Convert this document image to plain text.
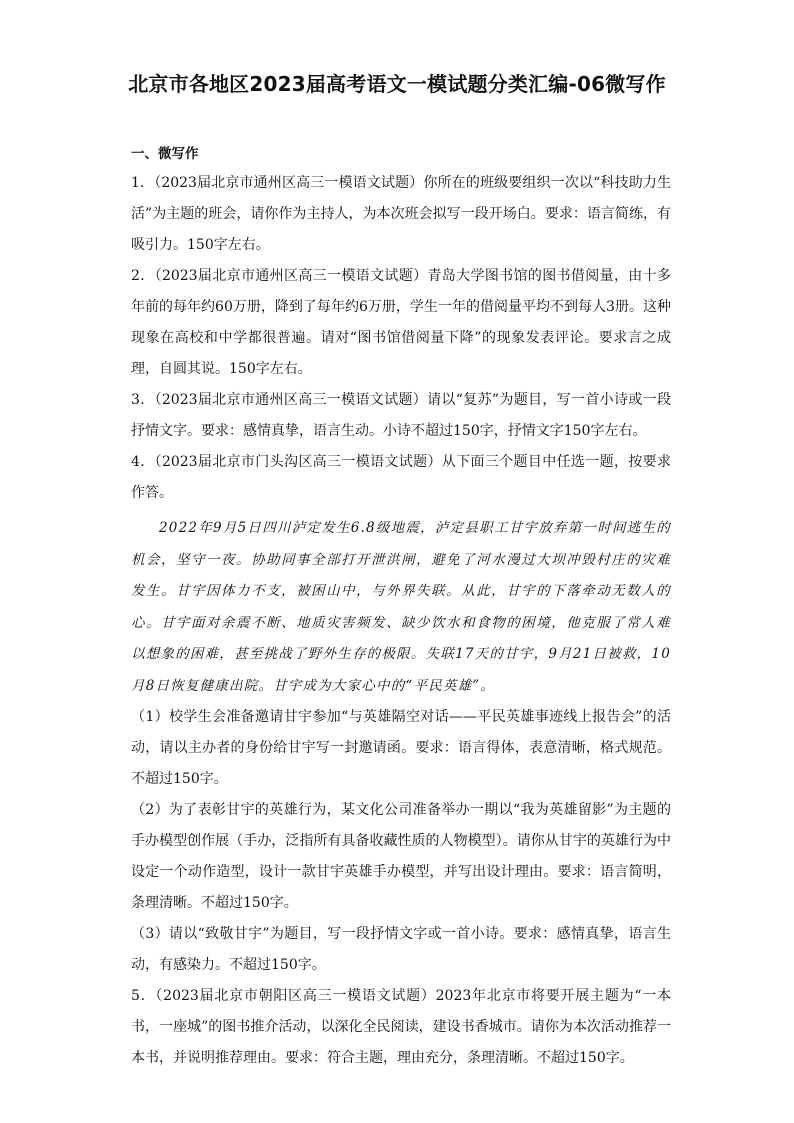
北京市各地区2023届高考语文一模试题分类汇编-06微写作
一、微写作

1．（2023届北京市通州区高三一模语文试题）你所在的班级要组织一次以“科技助力生活”为主题的班会，请你作为主持人，为本次班会拟写一段开场白。要求：语言简练，有吸引力。150字左右。

2．（2023届北京市通州区高三一模语文试题）青岛大学图书馆的图书借阅量，由十多年前的每年约60万册，降到了每年约6万册，学生一年的借阅量平均不到每人3册。这种现象在高校和中学都很普遍。请对“图书馆借阅量下降”的现象发表评论。要求言之成理，自圆其说。150字左右。

3．（2023届北京市通州区高三一模语文试题）请以“复苏”为题目，写一首小诗或一段抒情文字。要求：感情真挚，语言生动。小诗不超过150字，抒情文字150字左右。

4．（2023届北京市门头沟区高三一模语文试题）从下面三个题目中任选一题，按要求作答。

2022年9月5日四川泸定发生6.8级地震，泸定县职工甘宇放弃第一时间逃生的机会，坚守一夜。协助同事全部打开泄洪闸，避免了河水漫过大坝冲毁村庄的灾难发生。甘宇因体力不支，被困山中，与外界失联。从此，甘宇的下落牵动无数人的心。甘宇面对余震不断、地质灾害频发、缺少饮水和食物的困境，他克服了常人难以想象的困难，甚至挑战了野外生存的极限。失联17天的甘宇，9月21日被救，10月8日恢复健康出院。甘宇成为大家心中的“平民英雄”。

（1）校学生会准备邀请甘宇参加“与英雄隔空对话——平民英雄事迹线上报告会”的活动，请以主办者的身份给甘宇写一封邀请函。要求：语言得体，表意清晰，格式规范。不超过150字。

（2）为了表彰甘宇的英雄行为，某文化公司准备举办一期以“我为英雄留影”为主题的手办模型创作展（手办，泛指所有具备收藏性质的人物模型）。请你从甘宇的英雄行为中设定一个动作造型，设计一款甘宇英雄手办模型，并写出设计理由。要求：语言简明，条理清晰。不超过150字。

（3）请以“致敬甘宇”为题目，写一段抒情文字或一首小诗。要求：感情真挚，语言生动，有感染力。不超过150字。

5．（2023届北京市朝阳区高三一模语文试题）2023年北京市将要开展主题为“一本书，一座城”的图书推介活动，以深化全民阅读，建设书香城市。请你为本次活动推荐一本书，并说明推荐理由。要求：符合主题，理由充分，条理清晰。不超过150字。
